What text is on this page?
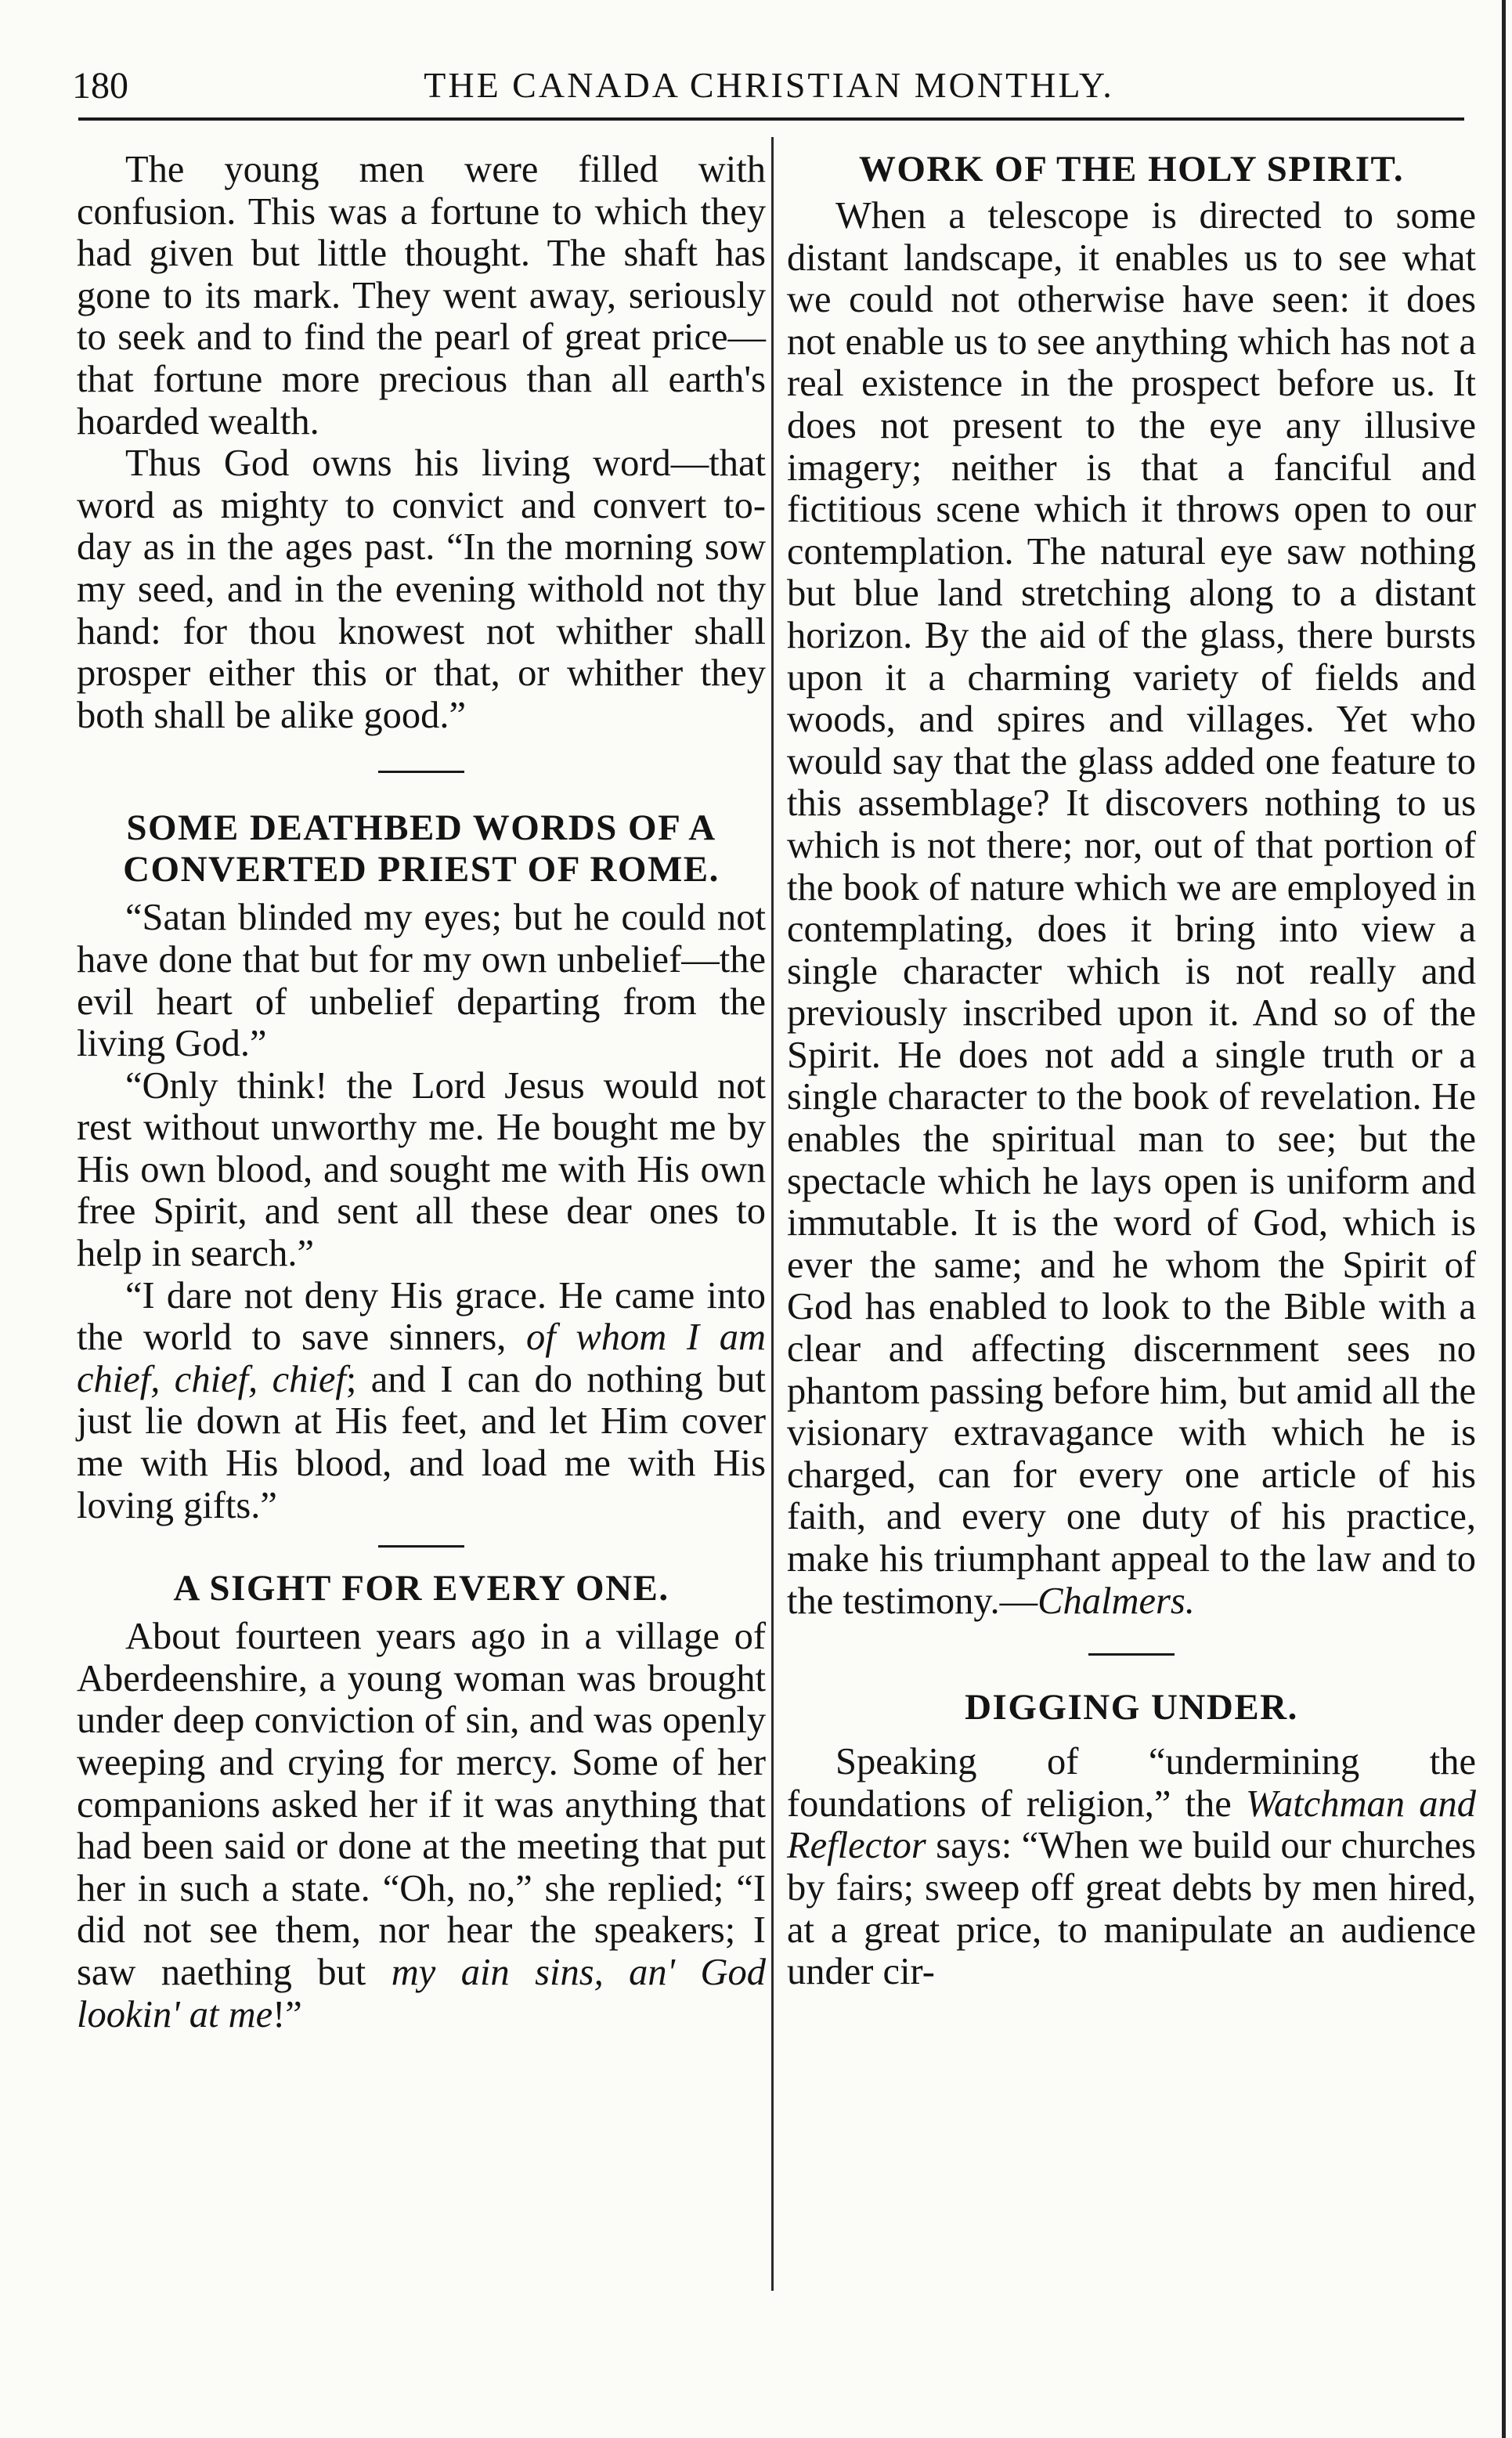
180	THE CANADA CHRISTIAN MONTHLY.

The young men were filled with confusion. This was a fortune to which they had given but little thought. The shaft has gone to its mark. They went away, seriously to seek and to find the pearl of great price—that fortune more precious than all earth's hoarded wealth.

Thus God owns his living word—that word as mighty to convict and convert to-day as in the ages past. “In the morning sow my seed, and in the evening withold not thy hand: for thou knowest not whither shall prosper either this or that, or whither they both shall be alike good.”

SOME DEATHBED WORDS OF A CONVERTED PRIEST OF ROME.

“Satan blinded my eyes; but he could not have done that but for my own unbelief—the evil heart of unbelief departing from the living God.”

“Only think! the Lord Jesus would not rest without unworthy me. He bought me by His own blood, and sought me with His own free Spirit, and sent all these dear ones to help in search.”

“I dare not deny His grace. He came into the world to save sinners, of whom I am chief, chief, chief; and I can do nothing but just lie down at His feet, and let Him cover me with His blood, and load me with His loving gifts.”

A SIGHT FOR EVERY ONE.

About fourteen years ago in a village of Aberdeenshire, a young woman was brought under deep conviction of sin, and was openly weeping and crying for mercy. Some of her companions asked her if it was anything that had been said or done at the meeting that put her in such a state. “Oh, no,” she replied; “I did not see them, nor hear the speakers; I saw naething but my ain sins, an' God lookin' at me!”

WORK OF THE HOLY SPIRIT.

When a telescope is directed to some distant landscape, it enables us to see what we could not otherwise have seen: it does not enable us to see anything which has not a real existence in the prospect before us. It does not present to the eye any illusive imagery; neither is that a fanciful and fictitious scene which it throws open to our contemplation. The natural eye saw nothing but blue land stretching along to a distant horizon. By the aid of the glass, there bursts upon it a charming variety of fields and woods, and spires and villages. Yet who would say that the glass added one feature to this assemblage? It discovers nothing to us which is not there; nor, out of that portion of the book of nature which we are employed in contemplating, does it bring into view a single character which is not really and previously inscribed upon it. And so of the Spirit. He does not add a single truth or a single character to the book of revelation. He enables the spiritual man to see; but the spectacle which he lays open is uniform and immutable. It is the word of God, which is ever the same; and he whom the Spirit of God has enabled to look to the Bible with a clear and affecting discernment sees no phantom passing before him, but amid all the visionary extravagance with which he is charged, can for every one article of his faith, and every one duty of his practice, make his triumphant appeal to the law and to the testimony.—Chalmers.

DIGGING UNDER.

Speaking of “undermining the foundations of religion,” the Watchman and Reflector says: “When we build our churches by fairs; sweep off great debts by men hired, at a great price, to manipulate an audience under cir-
